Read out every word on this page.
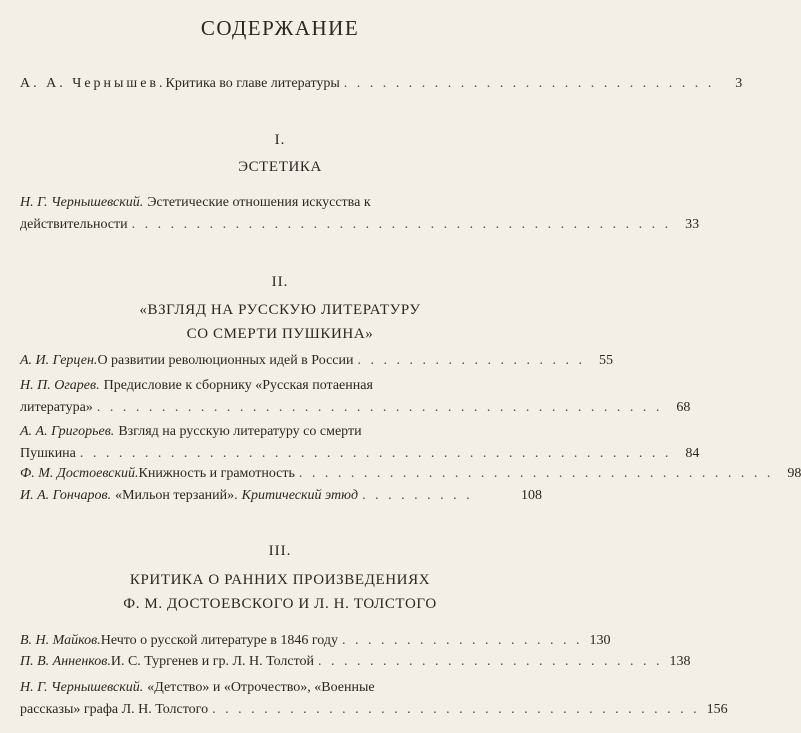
СОДЕРЖАНИЕ
А. А. Чернышев. Критика во главе литературы . . . . . . . . . . . . . . . . . . . . . . . . . . . . .	3
I.
ЭСТЕТИКА
Н. Г. Чернышевский. Эстетические отношения искусства к
действительности . . . . . . . . . . . . . . . . . . . . . . . . . . . . . . . . . . . . . . . . . .	33
II.
«ВЗГЛЯД НА РУССКУЮ ЛИТЕРАТУРУ
СО СМЕРТИ ПУШКИНА»
А. И. Герцен. О развитии революционных идей в России . . . . . . . . . . . . . . . . . .	55
Н. П. Огарев. Предисловие к сборнику «Русская потаенная
литература» . . . . . . . . . . . . . . . . . . . . . . . . . . . . . . . . . . . . . . . . . . . .	68
А. А. Григорьев. Взгляд на русскую литературу со смерти
Пушкина . . . . . . . . . . . . . . . . . . . . . . . . . . . . . . . . . . . . . . . . . . . . . .	84
Ф. М. Достоевский. Книжность и грамотность . . . . . . . . . . . . . . . . . . . . . . . . . . . . . . . . . . . . .	98
И. А. Гончаров. «Мильон терзаний». Критический этюд . . . . . . . . .	108
III.
КРИТИКА О РАННИХ ПРОИЗВЕДЕНИЯХ
Ф. М. ДОСТОЕВСКОГО И Л. Н. ТОЛСТОГО
В. Н. Майков. Нечто о русской литературе в 1846 году . . . . . . . . . . . . . . . . . . . 130
П. В. Анненков. И. С. Тургенев и гр. Л. Н. Толстой . . . . . . . . . . . . . . . . . . . . . . . . . . . 138
Н. Г. Чернышевский. «Детство» и «Отрочество», «Военные
рассказы» графа Л. Н. Толстого . . . . . . . . . . . . . . . . . . . . . . . . . . . . . . . . . . . . . . 156
